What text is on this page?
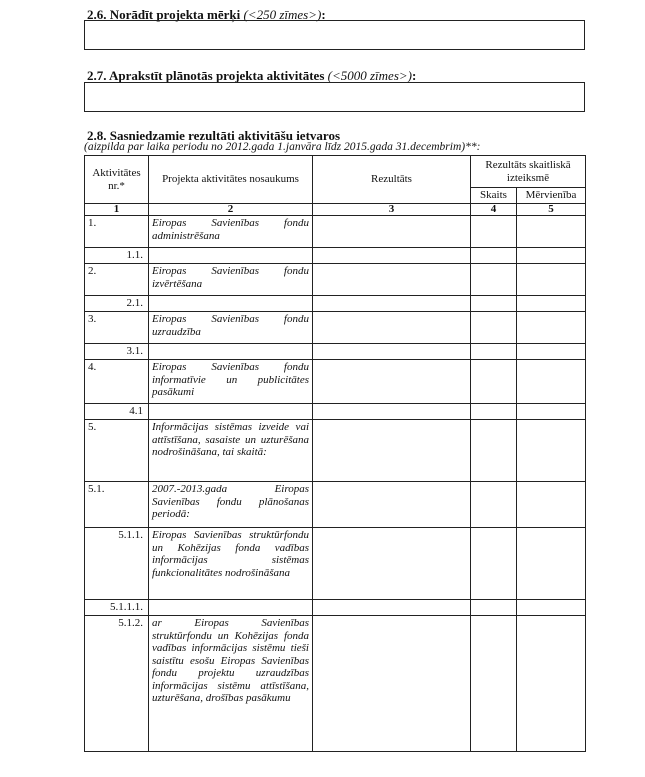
2.6. Norādīt projekta mērķi (<250 zīmes>):
2.7. Aprakstīt plānotās projekta aktivitātes (<5000 zīmes>):
2.8. Sasniedzamie rezultāti aktivitāšu ietvaros
(aizpilda par laika periodu no 2012.gada 1.janvāra līdz 2015.gada 31.decembrim)**:
Aktivitātes nr.*	Projekta aktivitātes nosaukums	Rezultāts	Rezultāts skaitliskā izteiksmē	
			Skaits	Mērvienība
1	2	3	4	5
1.	Eiropas Savienības fondu administrēšana			
1.1.				
2.	Eiropas Savienības fondu izvērtēšana			
2.1.				
3.	Eiropas Savienības fondu uzraudzība			
3.1.				
4.	Eiropas Savienības fondu informatīvie un publicitātes pasākumi			
4.1				
5.	Informācijas sistēmas izveide vai attīstīšana, sasaiste un uzturēšana nodrošināšana, tai skaitā:			
5.1.	2007.-2013.gada Eiropas Savienības fondu plānošanas periodā:			
5.1.1.	Eiropas Savienības struktūrfondu un Kohēzijas fonda vadības informācijas sistēmas funkcionalitātes nodrošināšana			
5.1.1.1.				
5.1.2.	ar Eiropas Savienības struktūrfondu un Kohēzijas fonda vadības informācijas sistēmu tieši saistītu esošu Eiropas Savienības fondu projektu uzraudzības informācijas sistēmu attīstīšana, uzturēšana, drošības pasākumu			
